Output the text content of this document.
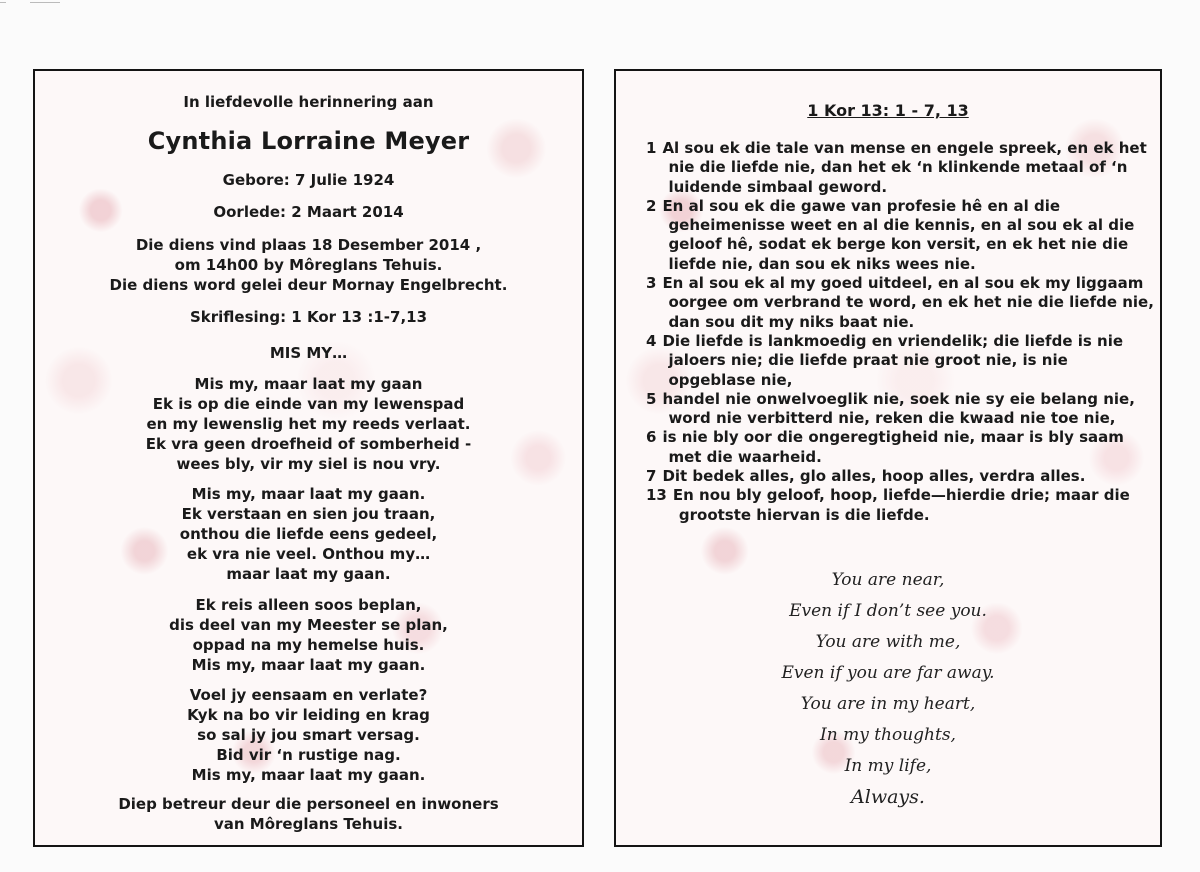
In liefdevolle herinnering aan
Cynthia Lorraine Meyer
Gebore: 7 Julie 1924
Oorlede: 2 Maart 2014
Die diens vind plaas 18 Desember 2014 ,
om 14h00 by Môreglans Tehuis.
Die diens word gelei deur Mornay Engelbrecht.
Skriflesing: 1 Kor 13 :1-7,13
MIS MY…
Mis my, maar laat my gaan
Ek is op die einde van my lewenspad
en my lewenslig het my reeds verlaat.
Ek vra geen droefheid of somberheid -
wees bly, vir my siel is nou vry.
Mis my, maar laat my gaan.
Ek verstaan en sien jou traan,
onthou die liefde eens gedeel,
ek vra nie veel. Onthou my…
maar laat my gaan.
Ek reis alleen soos beplan,
dis deel van my Meester se plan,
oppad na my hemelse huis.
Mis my, maar laat my gaan.
Voel jy eensaam en verlate?
Kyk na bo vir leiding en krag
so sal jy jou smart versag.
Bid vir ‘n rustige nag.
Mis my, maar laat my gaan.
Diep betreur deur die personeel en inwoners
van Môreglans Tehuis.
1 Kor 13: 1 - 7, 13
1 Al sou ek die tale van mense en engele spreek, en ek het
nie die liefde nie, dan het ek ‘n klinkende metaal of ‘n
luidende simbaal geword.
2 En al sou ek die gawe van profesie hê en al die
geheimenisse weet en al die kennis, en al sou ek al die
geloof hê, sodat ek berge kon versit, en ek het nie die
liefde nie, dan sou ek niks wees nie.
3 En al sou ek al my goed uitdeel, en al sou ek my liggaam
oorgee om verbrand te word, en ek het nie die liefde nie,
dan sou dit my niks baat nie.
4 Die liefde is lankmoedig en vriendelik; die liefde is nie
jaloers nie; die liefde praat nie groot nie, is nie
opgeblase nie,
5 handel nie onwelvoeglik nie, soek nie sy eie belang nie,
word nie verbitterd nie, reken die kwaad nie toe nie,
6 is nie bly oor die ongeregtigheid nie, maar is bly saam
met die waarheid.
7 Dit bedek alles, glo alles, hoop alles, verdra alles.
13 En nou bly geloof, hoop, liefde—hierdie drie; maar die
grootste hiervan is die liefde.
You are near,
Even if I don’t see you.
You are with me,
Even if you are far away.
You are in my heart,
In my thoughts,
In my life,
Always.
